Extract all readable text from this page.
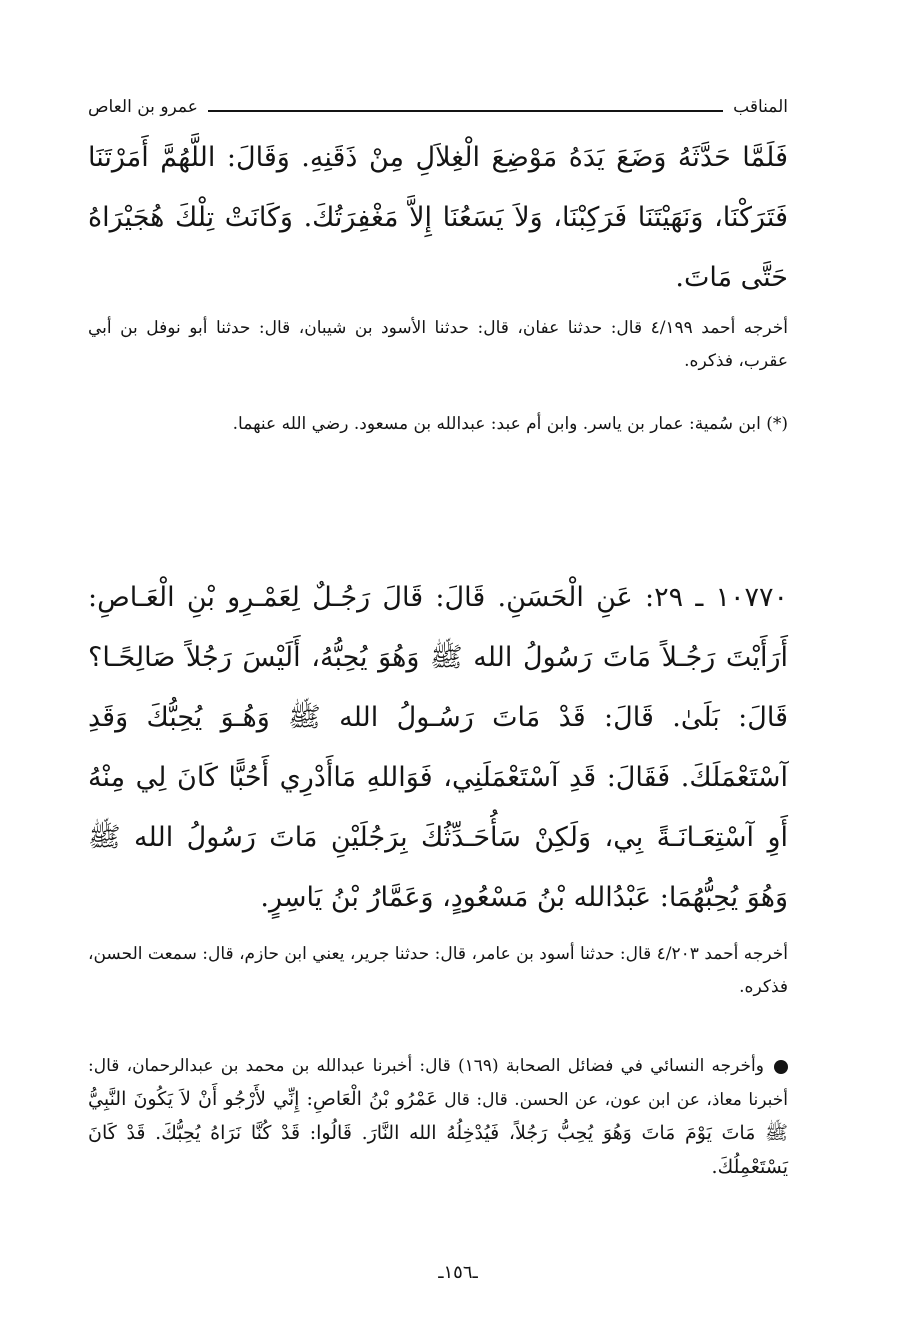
المناقب
عمرو بن العاص

فَلَمَّا حَدَّثَهُ وَضَعَ يَدَهُ مَوْضِعَ الْغِلاَلِ مِنْ ذَقَنِهِ. وَقَالَ: اللَّهُمَّ أَمَرْتَنَا فَتَرَكْنَا، وَنَهَيْتَنَا فَرَكِبْنَا، وَلاَ يَسَعُنَا إِلاَّ مَغْفِرَتُكَ. وَكَانَتْ تِلْكَ هُجَيْرَاهُ حَتَّى مَاتَ.

أخرجه أحمد ٤/١٩٩ قال: حدثنا عفان، قال: حدثنا الأسود بن شيبان، قال: حدثنا أبو نوفل بن أبي عقرب، فذكره.

(*) ابن سُمية: عمار بن ياسر. وابن أم عبد: عبدالله بن مسعود. رضي الله عنهما.

١٠٧٧٠ ـ ٢٩: عَنِ الْحَسَنِ. قَالَ: قَالَ رَجُـلٌ لِعَمْـرِو بْنِ الْعَـاصِ: أَرَأَيْتَ رَجُـلاً مَاتَ رَسُولُ الله ﷺ وَهُوَ يُحِبُّهُ، أَلَيْسَ رَجُلاً صَالِحًـا؟ قَالَ: بَلَىٰ. قَالَ: قَدْ مَاتَ رَسُـولُ الله ﷺ وَهُـوَ يُحِبُّكَ وَقَدِ آسْتَعْمَلَكَ. فَقَالَ: قَدِ آسْتَعْمَلَنِي، فَوَاللهِ مَاأَدْرِي أَحُبًّا كَانَ لِي مِنْهُ أَوِ آسْتِعَـانَـةً بِي، وَلَكِنْ سَأُحَـدِّثُكَ بِرَجُلَيْنِ مَاتَ رَسُولُ الله ﷺ وَهُوَ يُحِبُّهُمَا: عَبْدُالله بْنُ مَسْعُودٍ، وَعَمَّارُ بْنُ يَاسِرٍ.

أخرجه أحمد ٤/٢٠٣ قال: حدثنا أسود بن عامر، قال: حدثنا جرير، يعني ابن حازم، قال: سمعت الحسن، فذكره.

وأخرجه النسائي في فضائل الصحابة (١٦٩) قال: أخبرنا عبدالله بن محمد بن عبدالرحمان، قال: أخبرنا معاذ، عن ابن عون، عن الحسن. قال: قال عَمْرُو بْنُ الْعَاصِ: إِنِّي لأَرْجُو أَنْ لاَ يَكُونَ النَّبِيُّ ﷺ مَاتَ يَوْمَ مَاتَ وَهُوَ يُحِبُّ رَجُلاً، فَيُدْخِلُهُ الله النَّارَ. قَالُوا: قَدْ كُنَّا نَرَاهُ يُحِبُّكَ. قَدْ كَانَ يَسْتَعْمِلُكَ.

ـ١٥٦ـ
